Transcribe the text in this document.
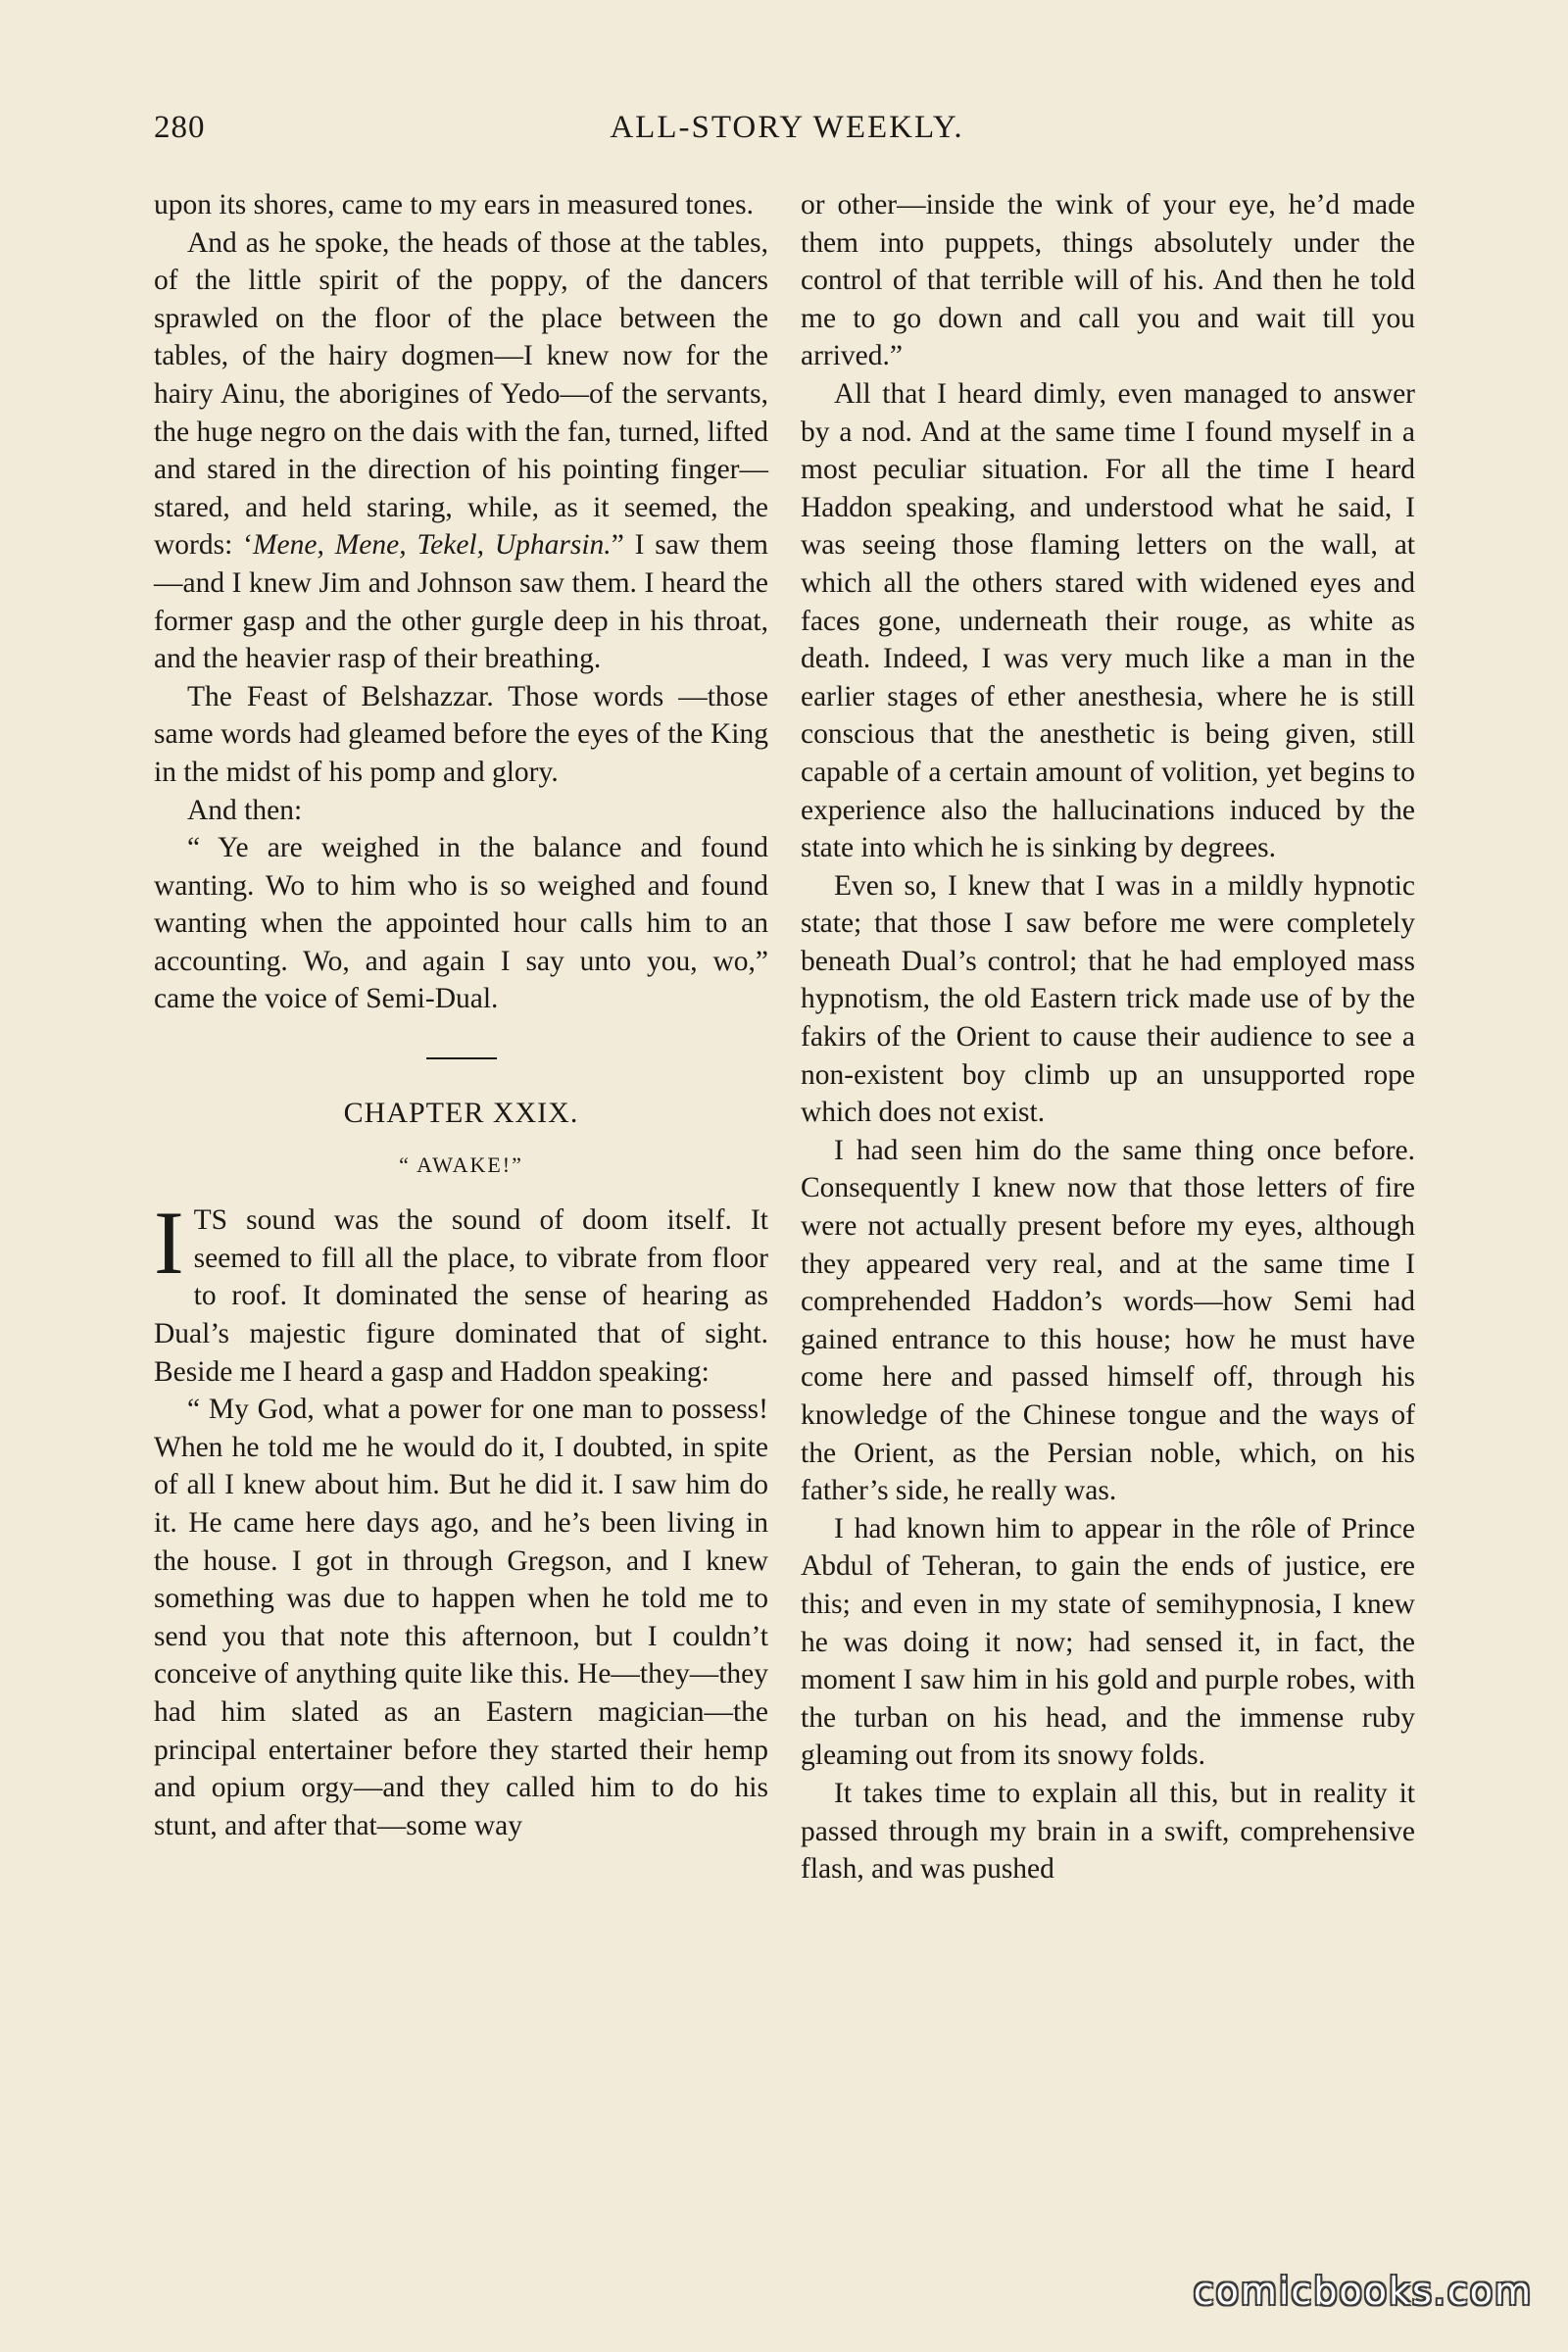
280	ALL-STORY WEEKLY.

upon its shores, came to my ears in measured tones.

And as he spoke, the heads of those at the tables, of the little spirit of the poppy, of the dancers sprawled on the floor of the place between the tables, of the hairy dogmen—I knew now for the hairy Ainu, the aborigines of Yedo—of the servants, the huge negro on the dais with the fan, turned, lifted and stared in the direction of his pointing finger—stared, and held staring, while, as it seemed, the words: ‘Mene, Mene, Tekel, Upharsin.” I saw them—and I knew Jim and Johnson saw them. I heard the former gasp and the other gurgle deep in his throat, and the heavier rasp of their breathing.

The Feast of Belshazzar. Those words —those same words had gleamed before the eyes of the King in the midst of his pomp and glory.

And then:

“ Ye are weighed in the balance and found wanting. Wo to him who is so weighed and found wanting when the appointed hour calls him to an accounting. Wo, and again I say unto you, wo,” came the voice of Semi-Dual.

CHAPTER XXIX.

“ AWAKE!”

ITS sound was the sound of doom itself. It seemed to fill all the place, to vibrate from floor to roof. It dominated the sense of hearing as Dual’s majestic figure dominated that of sight. Beside me I heard a gasp and Haddon speaking:

“ My God, what a power for one man to possess! When he told me he would do it, I doubted, in spite of all I knew about him. But he did it. I saw him do it. He came here days ago, and he’s been living in the house. I got in through Gregson, and I knew something was due to happen when he told me to send you that note this afternoon, but I couldn’t conceive of anything quite like this. He—they—they had him slated as an Eastern magician—the principal entertainer before they started their hemp and opium orgy—and they called him to do his stunt, and after that—some way

or other—inside the wink of your eye, he’d made them into puppets, things absolutely under the control of that terrible will of his. And then he told me to go down and call you and wait till you arrived.”

All that I heard dimly, even managed to answer by a nod. And at the same time I found myself in a most peculiar situation. For all the time I heard Haddon speaking, and understood what he said, I was seeing those flaming letters on the wall, at which all the others stared with widened eyes and faces gone, underneath their rouge, as white as death. Indeed, I was very much like a man in the earlier stages of ether anesthesia, where he is still conscious that the anesthetic is being given, still capable of a certain amount of volition, yet begins to experience also the hallucinations induced by the state into which he is sinking by degrees.

Even so, I knew that I was in a mildly hypnotic state; that those I saw before me were completely beneath Dual’s control; that he had employed mass hypnotism, the old Eastern trick made use of by the fakirs of the Orient to cause their audience to see a non-existent boy climb up an unsupported rope which does not exist.

I had seen him do the same thing once before. Consequently I knew now that those letters of fire were not actually present before my eyes, although they appeared very real, and at the same time I comprehended Haddon’s words—how Semi had gained entrance to this house; how he must have come here and passed himself off, through his knowledge of the Chinese tongue and the ways of the Orient, as the Persian noble, which, on his father’s side, he really was.

I had known him to appear in the rôle of Prince Abdul of Teheran, to gain the ends of justice, ere this; and even in my state of semihypnosia, I knew he was doing it now; had sensed it, in fact, the moment I saw him in his gold and purple robes, with the turban on his head, and the immense ruby gleaming out from its snowy folds.

It takes time to explain all this, but in reality it passed through my brain in a swift, comprehensive flash, and was pushed

comicbooks.com
